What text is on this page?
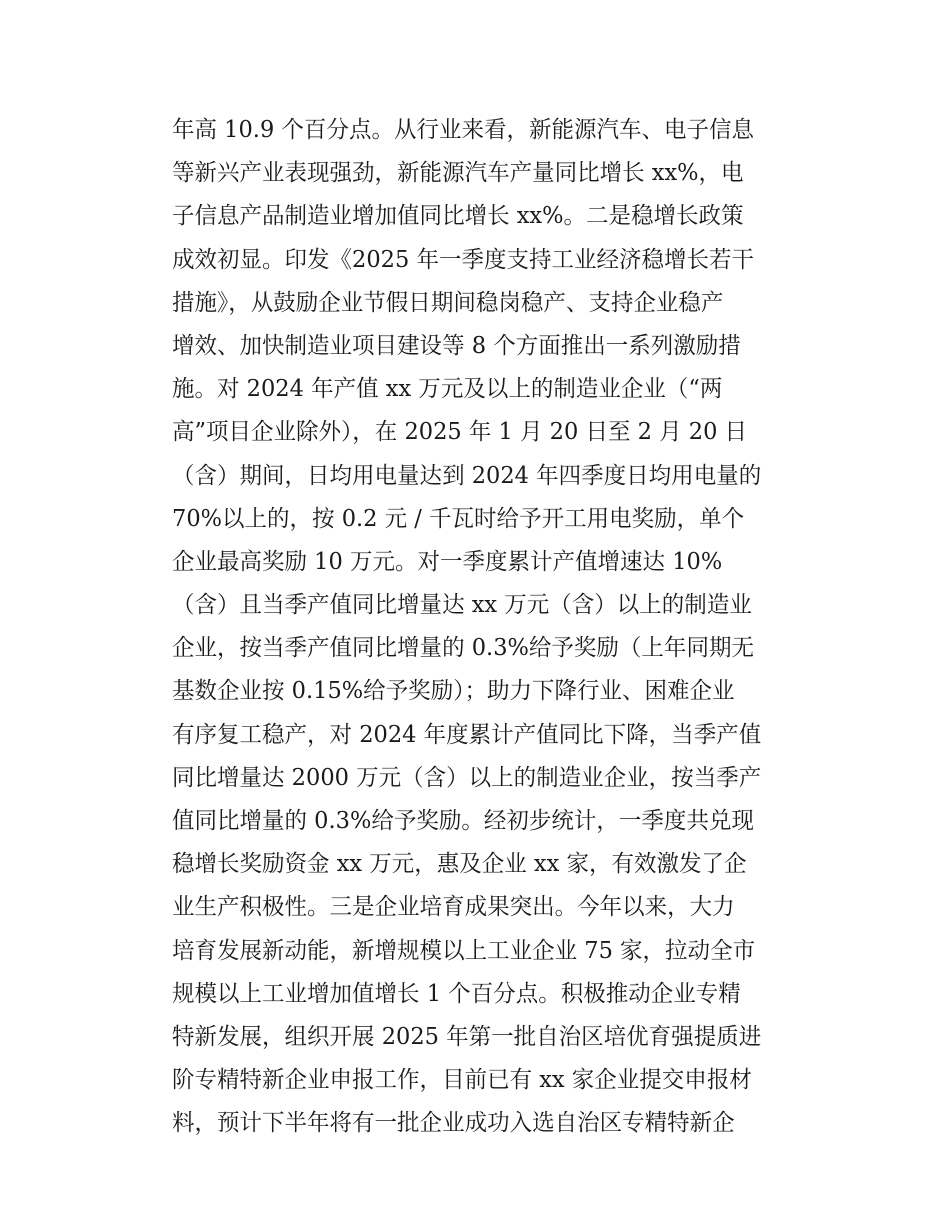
年高 10.9 个百分点。从行业来看，新能源汽车、电子信息
等新兴产业表现强劲，新能源汽车产量同比增长 xx%，电
子信息产品制造业增加值同比增长 xx%。二是稳增长政策
成效初显。印发《2025 年一季度支持工业经济稳增长若干
措施》，从鼓励企业节假日期间稳岗稳产、支持企业稳产
增效、加快制造业项目建设等 8 个方面推出一系列激励措
施。对 2024 年产值 xx 万元及以上的制造业企业（“两
高”项目企业除外），在 2025 年 1 月 20 日至 2 月 20 日
（含）期间，日均用电量达到 2024 年四季度日均用电量的
70%以上的，按 0.2 元 / 千瓦时给予开工用电奖励，单个
企业最高奖励 10 万元。对一季度累计产值增速达 10%
（含）且当季产值同比增量达 xx 万元（含）以上的制造业
企业，按当季产值同比增量的 0.3%给予奖励（上年同期无
基数企业按 0.15%给予奖励）；助力下降行业、困难企业
有序复工稳产，对 2024 年度累计产值同比下降，当季产值
同比增量达 2000 万元（含）以上的制造业企业，按当季产
值同比增量的 0.3%给予奖励。经初步统计，一季度共兑现
稳增长奖励资金 xx 万元，惠及企业 xx 家，有效激发了企
业生产积极性。三是企业培育成果突出。今年以来，大力
培育发展新动能，新增规模以上工业企业 75 家，拉动全市
规模以上工业增加值增长 1 个百分点。积极推动企业专精
特新发展，组织开展 2025 年第一批自治区培优育强提质进
阶专精特新企业申报工作，目前已有 xx 家企业提交申报材
料，预计下半年将有一批企业成功入选自治区专精特新企
